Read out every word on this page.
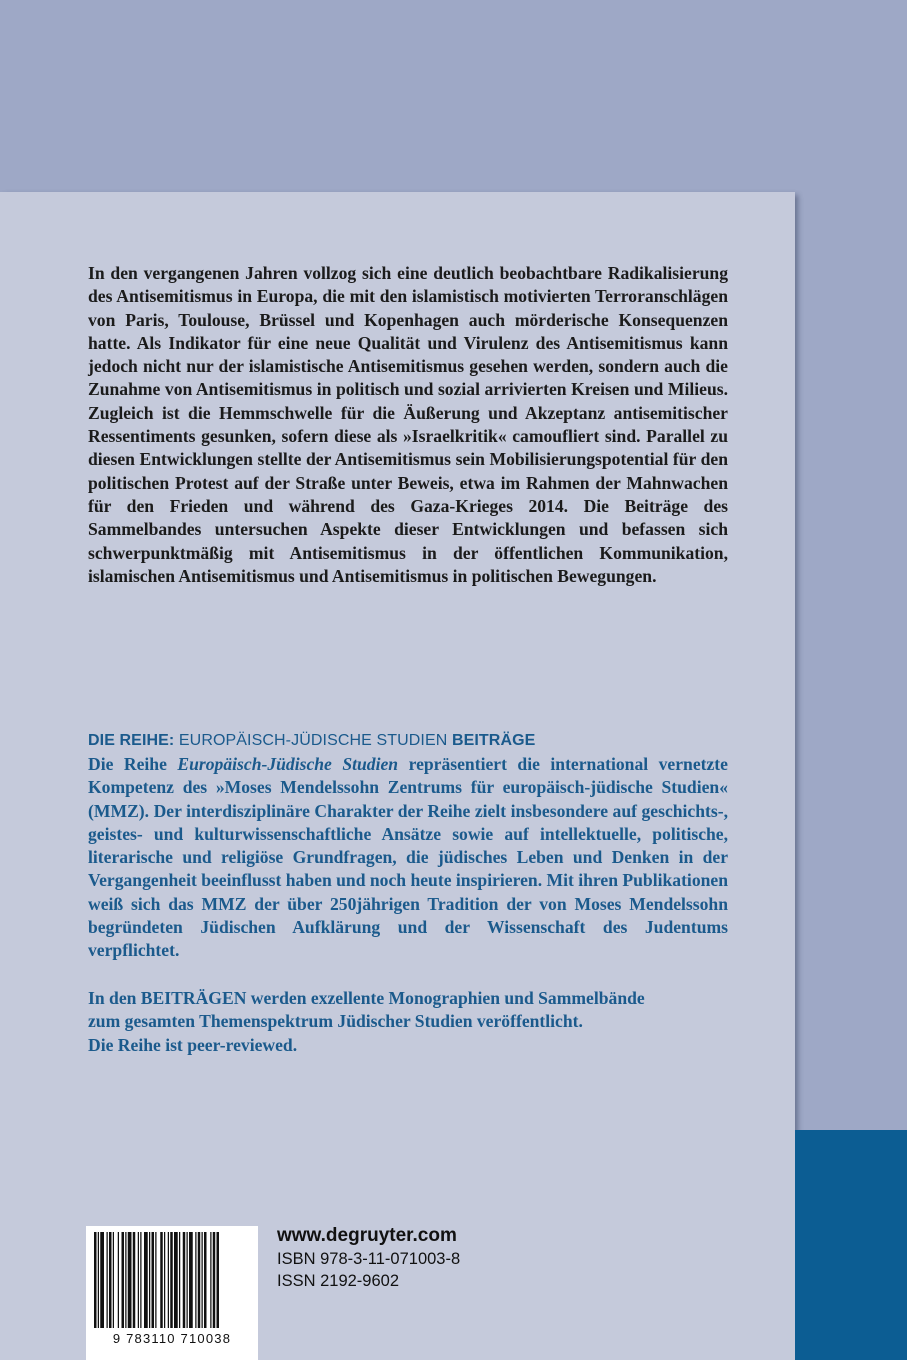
In den vergangenen Jahren vollzog sich eine deutlich beobachtbare Radikalisierung des Antisemitismus in Europa, die mit den islamistisch motivierten Terroranschlägen von Paris, Toulouse, Brüssel und Kopenhagen auch mörderische Konsequenzen hatte. Als Indikator für eine neue Qualität und Virulenz des Antisemitismus kann jedoch nicht nur der islamistische Antisemitismus gesehen werden, sondern auch die Zunahme von Antisemitismus in politisch und sozial arrivierten Kreisen und Milieus. Zugleich ist die Hemmschwelle für die Äußerung und Akzeptanz antisemitischer Ressentiments gesunken, sofern diese als »Israelkritik« camoufliert sind. Parallel zu diesen Entwicklungen stellte der Antisemitismus sein Mobilisierungspotential für den politischen Protest auf der Straße unter Beweis, etwa im Rahmen der Mahnwachen für den Frieden und während des Gaza-Krieges 2014. Die Beiträge des Sammelbandes untersuchen Aspekte dieser Entwicklungen und befassen sich schwerpunktmäßig mit Antisemitismus in der öffentlichen Kommunikation, islamischen Antisemitismus und Antisemitismus in politischen Bewegungen.

DIE REIHE: EUROPÄISCH-JÜDISCHE STUDIEN BEITRÄGE

Die Reihe Europäisch-Jüdische Studien repräsentiert die international vernetzte Kompetenz des »Moses Mendelssohn Zentrums für europäisch-jüdische Studien« (MMZ). Der interdisziplinäre Charakter der Reihe zielt insbesondere auf geschichts-, geistes- und kulturwissenschaftliche Ansätze sowie auf intellektuelle, politische, literarische und religiöse Grundfragen, die jüdisches Leben und Denken in der Vergangenheit beeinflusst haben und noch heute inspirieren. Mit ihren Publikationen weiß sich das MMZ der über 250jährigen Tradition der von Moses Mendelssohn begründeten Jüdischen Aufklärung und der Wissenschaft des Judentums verpflichtet.

In den BEITRÄGEN werden exzellente Monographien und Sammelbände
zum gesamten Themenspektrum Jüdischer Studien veröffentlicht.
Die Reihe ist peer-reviewed.

9 783110 710038
www.degruyter.com
ISBN 978-3-11-071003-8
ISSN 2192-9602
